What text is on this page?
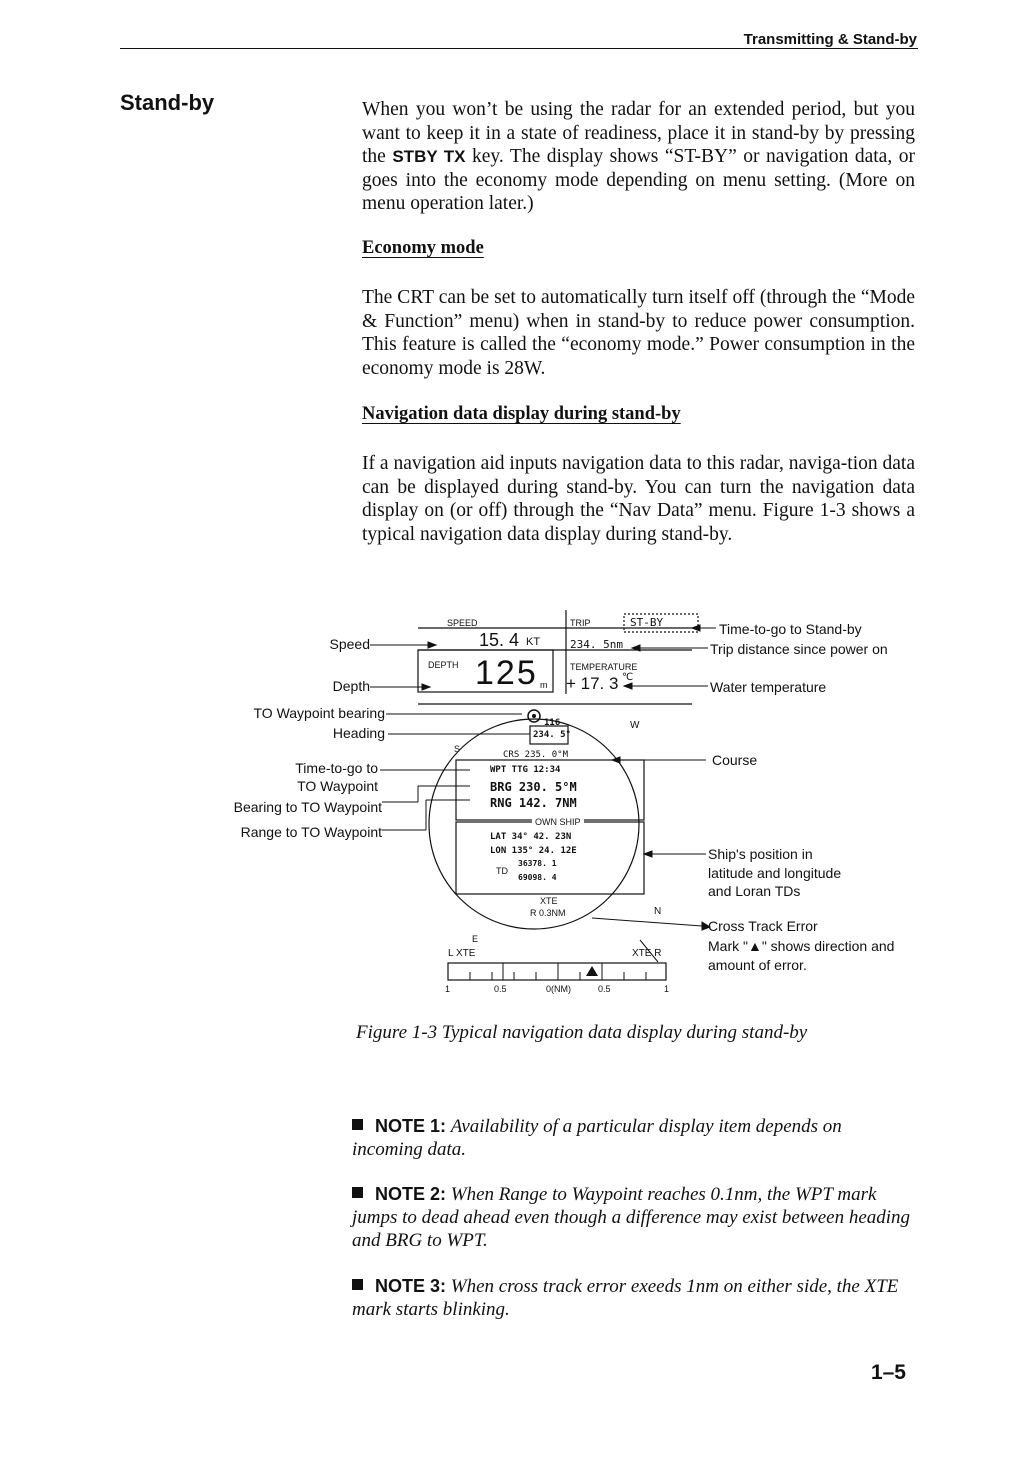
Transmitting & Stand-by
Stand-by	When you won’t be using the radar for an extended period, but you want to keep it in a state of readiness, place it in stand-by by pressing the STBY TX key. The display shows “ST-BY” or navigation data, or goes into the economy mode depending on menu setting. (More on menu operation later.)
Economy mode
The CRT can be set to automatically turn itself off (through the “Mode & Function” menu) when in stand-by to reduce power consumption. This feature is called the “economy mode.” Power consumption in the economy mode is 28W.
Navigation data display during stand-by
If a navigation aid inputs navigation data to this radar, naviga-tion data can be displayed during stand-by. You can turn the navigation data display on (or off) through the “Nav Data” menu. Figure 1-3 shows a typical navigation data display during stand-by.
Speed
Depth
TO Waypoint bearing
Heading
Time-to-go to
TO Waypoint
Bearing to TO Waypoint
Range to TO Waypoint
Time-to-go to Stand-by
Trip distance since power on
Water temperature
Course
Ship's position in
latitude and longitude
and Loran TDs
Cross Track Error
Mark "▲" shows direction and
amount of error.
SPEED
15. 4 KT
TRIP	ST-BY
234. 5nm
DEPTH 125 m
TEMPERATURE
+ 17. 3 ℃
116
234. 5°
W
S
N
E
CRS 235. 0°M
WPT TTG 12:34
BRG 230. 5°M
RNG 142. 7NM
OWN SHIP
LAT 34° 42. 23N
LON 135° 24. 12E
TD
36378. 1
69098. 4
XTE
R 0.3NM
L XTE	XTE R
1	0.5	0(NM)	0.5	1
Figure 1-3 Typical navigation data display during stand-by
NOTE 1: Availability of a particular display item depends on incoming data.
NOTE 2: When Range to Waypoint reaches 0.1nm, the WPT mark jumps to dead ahead even though a difference may exist between heading and BRG to WPT.
NOTE 3: When cross track error exeeds 1nm on either side, the XTE mark starts blinking.
1–5
